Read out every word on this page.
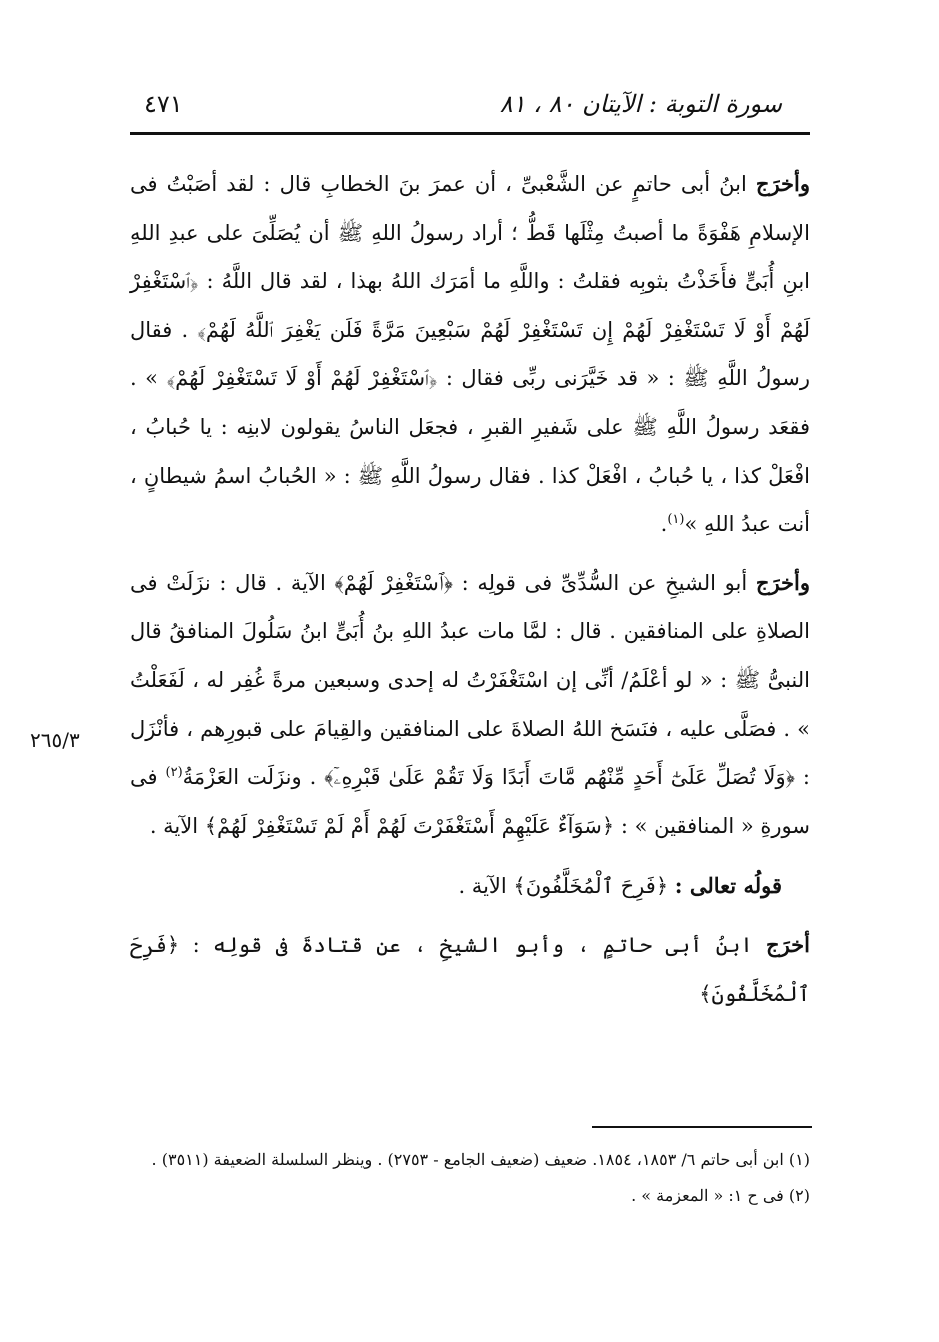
سورة التوبة : الآيتان ٨٠ ، ٨١
٤٧١
٢٦٥/٣

وأخرَج ابنُ أبى حاتمٍ عن الشَّعْبىِّ ، أن عمرَ بنَ الخطابِ قال : لقد أصَبْتُ فى الإسلامِ هَفْوَةً ما أصبتُ مِثْلَها قَطُّ ؛ أراد رسولُ اللهِ ﷺ أن يُصَلِّىَ على عبدِ اللهِ ابنِ أُبَىٍّ فأَخَذْتُ بثوبِه فقلتُ : واللَّهِ ما أمَرَك اللهُ بهذا ، لقد قال اللَّهُ : ﴿ٱسْتَغْفِرْ لَهُمْ أَوْ لَا تَسْتَغْفِرْ لَهُمْ إِن تَسْتَغْفِرْ لَهُمْ سَبْعِينَ مَرَّةً فَلَن يَغْفِرَ ٱللَّهُ لَهُمْ﴾ . فقال رسولُ اللَّهِ ﷺ : « قد خَيَّرَنى ربِّى فقال : ﴿ٱسْتَغْفِرْ لَهُمْ أَوْ لَا تَسْتَغْفِرْ لَهُمْ﴾ » . فقعَد رسولُ اللَّهِ ﷺ على شَفيرِ القبرِ ، فجعَل الناسُ يقولون لابنِه : يا حُبابُ ، افْعَلْ كذا ، يا حُبابُ ، افْعَلْ كذا . فقال رسولُ اللَّهِ ﷺ : « الحُبابُ اسمُ شيطانٍ ، أنت عبدُ اللهِ »$^{(١)}$.

وأخرَج أبو الشيخِ عن السُّدِّىِّ فى قولِه : ﴿ٱسْتَغْفِرْ لَهُمْ﴾ الآية . قال : نزَلَتْ فى الصلاةِ على المنافقين . قال : لمَّا مات عبدُ اللهِ بنُ أُبَىٍّ ابنُ سَلُولَ المنافقُ قال النبىُّ ﷺ : « لو أعْلَمُ/ أنِّى إن اسْتَغْفَرْتُ له إحدى وسبعين مرةً غُفِر له ، لَفَعَلْتُ » . فصَلَّى عليه ، فنَسَخ اللهُ الصلاةَ على المنافقين والقِيامَ على قبورِهم ، فأنْزَل : ﴿وَلَا تُصَلِّ عَلَىٰٓ أَحَدٍ مِّنْهُم مَّاتَ أَبَدًا وَلَا تَقُمْ عَلَىٰ قَبْرِهِۦٓ﴾ . ونزَلَت العَزْمَةُ$^{(٢)}$ فى سورةِ « المنافقين » : ﴿سَوَآءٌ عَلَيْهِمْ أَسْتَغْفَرْتَ لَهُمْ أَمْ لَمْ تَسْتَغْفِرْ لَهُمْ﴾ الآية .

قولُه تعالى : ﴿فَرِحَ ٱلْمُخَلَّفُونَ﴾ الآية .

أخرَج ابنُ أبى حاتمٍ ، وأبو الشيخِ ، عن قتادةَ فى قولِه : ﴿فَرِحَ ٱلْمُخَلَّفُونَ﴾

(١) ابن أبى حاتم ٦/ ١٨٥٣، ١٨٥٤. ضعيف (ضعيف الجامع - ٢٧٥٣) . وينظر السلسلة الضعيفة (٣٥١١) .

(٢) فى ح ١: « المعزمة » .
